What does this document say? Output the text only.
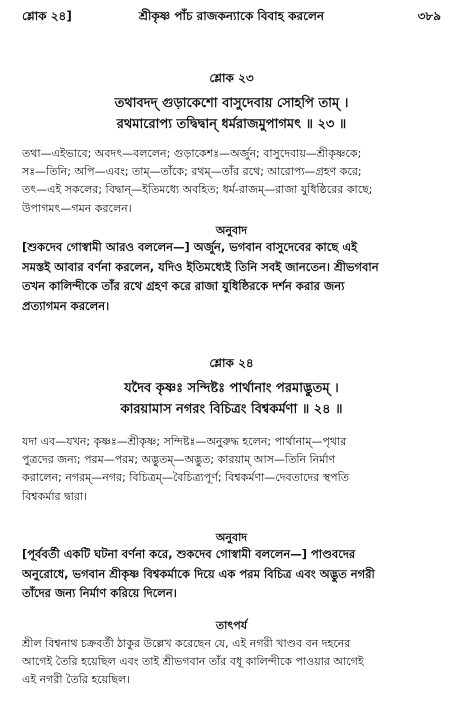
শ্লোক ২৪]	শ্রীকৃষ্ণ পাঁচ রাজকন্যাকে বিবাহ করলেন	৩৮৯
শ্লোক ২৩
তথাবদদ্ গুড়াকেশো বাসুদেবায় সোহপি তাম্ ।
রথমারোপ্য তদ্বিদ্বান্ ধর্মরাজমুপাগমৎ ॥ ২৩ ॥
তথা—এইভাবে; অবদৎ—বললেন; গুড়াকেশঃ—অর্জুন; বাসুদেবায়—শ্রীকৃষ্ণকে;
সঃ—তিনি; অপি—এবং; তাম্—তাঁকে; রথম্—তাঁর রথে; আরোপ্য—গ্রহণ করে;
তৎ—এই সকলের; বিদ্বান্—ইতিমধ্যে অবহিত; ধর্ম-রাজম্—রাজা যুধিষ্ঠিরের কাছে;
উপাগমৎ—গমন করলেন।
অনুবাদ
[শুকদেব গোস্বামী আরও বললেন—] অর্জুন, ভগবান বাসুদেবের কাছে এই
সমস্তই আবার বর্ণনা করলেন, যদিও ইতিমধ্যেই তিনি সবই জানতেন। শ্রীভগবান
তখন কালিন্দীকে তাঁর রথে গ্রহণ করে রাজা যুধিষ্ঠিরকে দর্শন করার জন্য
প্রত্যাগমন করলেন।
শ্লোক ২৪
যদৈব কৃষ্ণঃ সন্দিষ্টঃ পার্থানাং পরমাদ্ভুতম্ ।
কারয়ামাস নগরং বিচিত্রং বিশ্বকর্মণা ॥ ২৪ ॥
যদা এব—যখন; কৃষ্ণঃ—শ্রীকৃষ্ণ; সন্দিষ্টঃ—অনুরুদ্ধ হলেন; পার্থানাম্—পৃথার
পুত্রদের জন্য; পরম—পরম; অদ্ভুতম্—অদ্ভুত; কারয়াম্ আস—তিনি নির্মাণ
করালেন; নগরম্—নগর; বিচিত্রম্—বৈচিত্র্যপূর্ণ; বিশ্বকর্মণা—দেবতাদের স্থপতি
বিশ্বকর্মার দ্বারা।
অনুবাদ
[পূর্ববর্তী একটি ঘটনা বর্ণনা করে, শুকদেব গোস্বামী বললেন—] পাণ্ডবদের
অনুরোধে, ভগবান শ্রীকৃষ্ণ বিশ্বকর্মাকে দিয়ে এক পরম বিচিত্র এবং অদ্ভুত নগরী
তাঁদের জন্য নির্মাণ করিয়ে দিলেন।
তাৎপর্য
শ্রীল বিশ্বনাথ চক্রবর্তী ঠাকুর উল্লেখ করেছেন যে, এই নগরী খাণ্ডব বন দহনের
আগেই তৈরি হয়েছিল এবং তাই শ্রীভগবান তাঁর বধূ কালিন্দীকে পাওয়ার আগেই
এই নগরী তৈরি হয়েছিল।
